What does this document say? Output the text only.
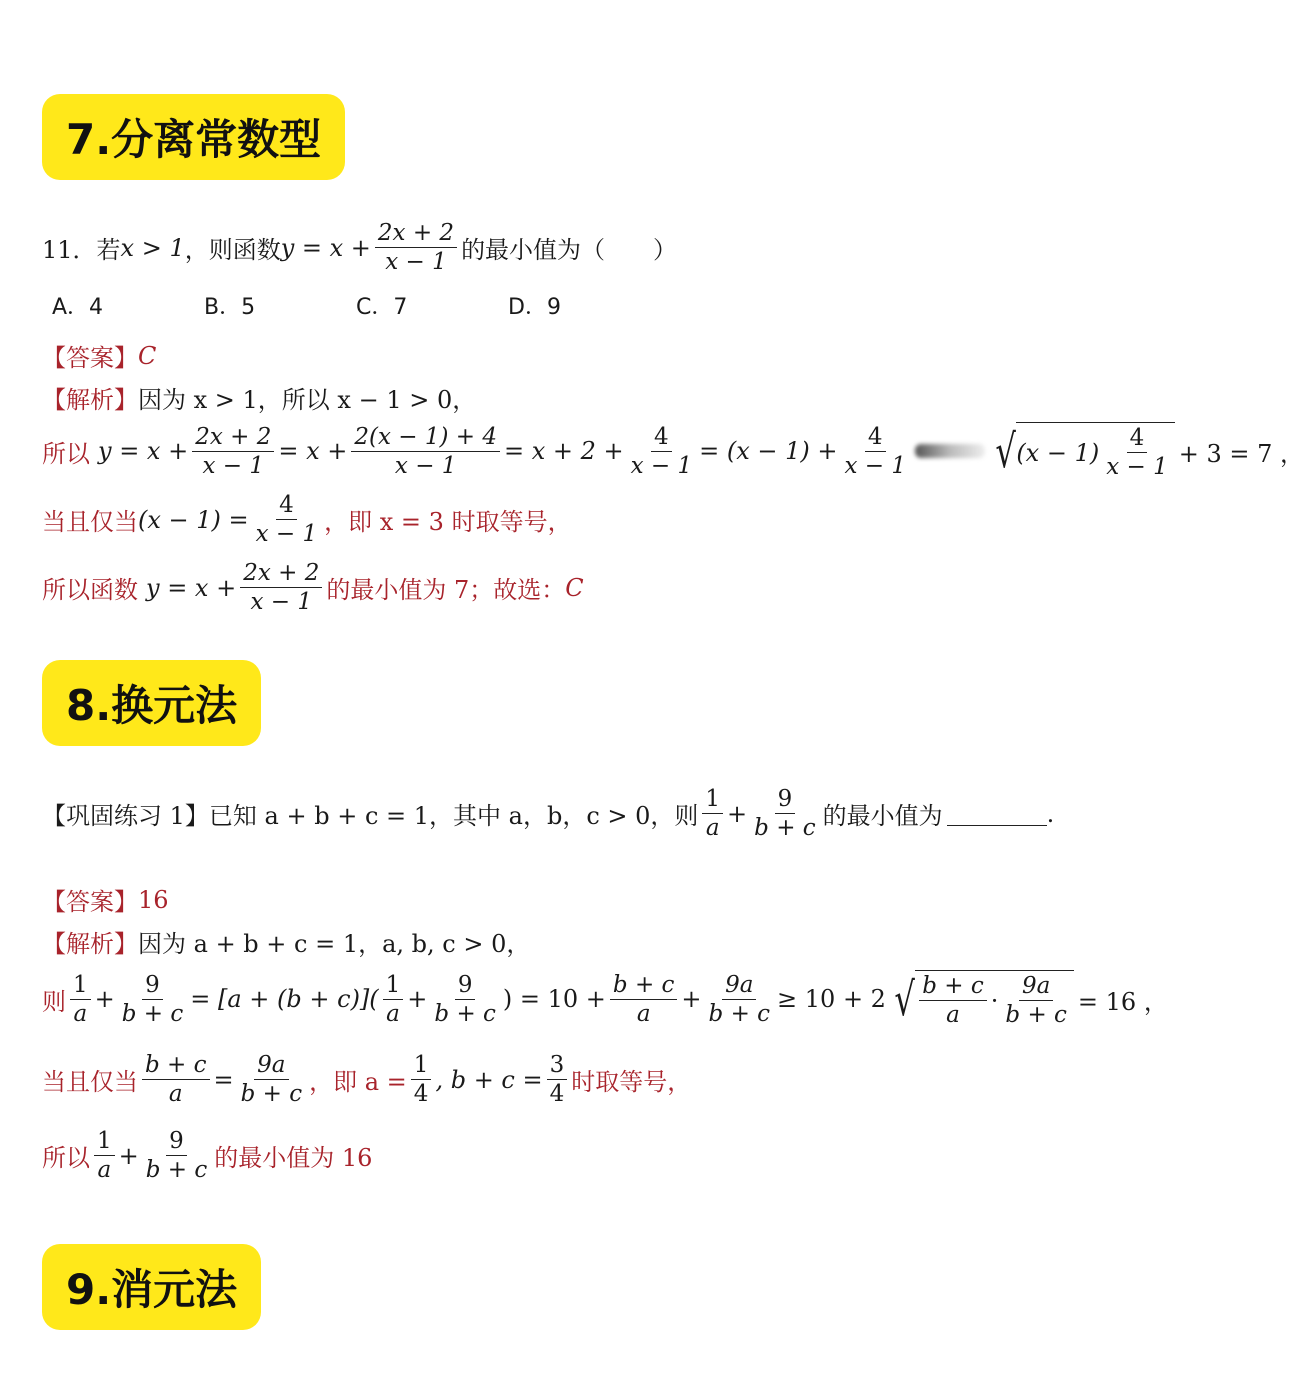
7.分离常数型
11． 若 x > 1 ，则函数 $y = x + \frac{2x + 2}{x - 1}$ 的最小值为（　　）
A．4	B．5	C．7	D．9
【答案】 C
【解析】 因为 x > 1，所以 x − 1 > 0，
所以 $y = x + \frac{2x + 2}{x - 1} = x + \frac{2(x - 1) + 4}{x - 1} = x + 2 + \frac{4}{x - 1} = (x - 1) + \frac{4}{x - 1}$ √ $(x - 1) \frac{4}{x - 1} + 3 = 7$ ，
当且仅当 $(x - 1) = \frac{4}{x - 1}$ ，即 x = 3 时取等号，
所以函数 $y = x + \frac{2x + 2}{x - 1}$ 的最小值为 7；故选： C
8.换元法
【巩固练习 1】 已知 a + b + c = 1，其中 a，b，c > 0，则 $\frac{1}{a} + \frac{9}{b + c}$ 的最小值为	.
【答案】 16
【解析】 因为 a + b + c = 1，a, b, c > 0，
则 $\frac{1}{a} + \frac{9}{b + c} = [a + (b + c)]( \frac{1}{a} + \frac{9}{b + c}$ ) = $10 + \frac{b + c}{a} + \frac{9a}{b + c} \ge 10 + 2$ √ $\frac{b + c}{a} \cdot \frac{9a}{b + c} = 16$ ，
当且仅当 $\frac{b + c}{a} = \frac{9a}{b + c}$ ，即 $a = \frac{1}{4}$ , $b + c = \frac{3}{4}$ 时取等号，
所以 $\frac{1}{a} + \frac{9}{b + c}$ 的最小值为 16
9.消元法
